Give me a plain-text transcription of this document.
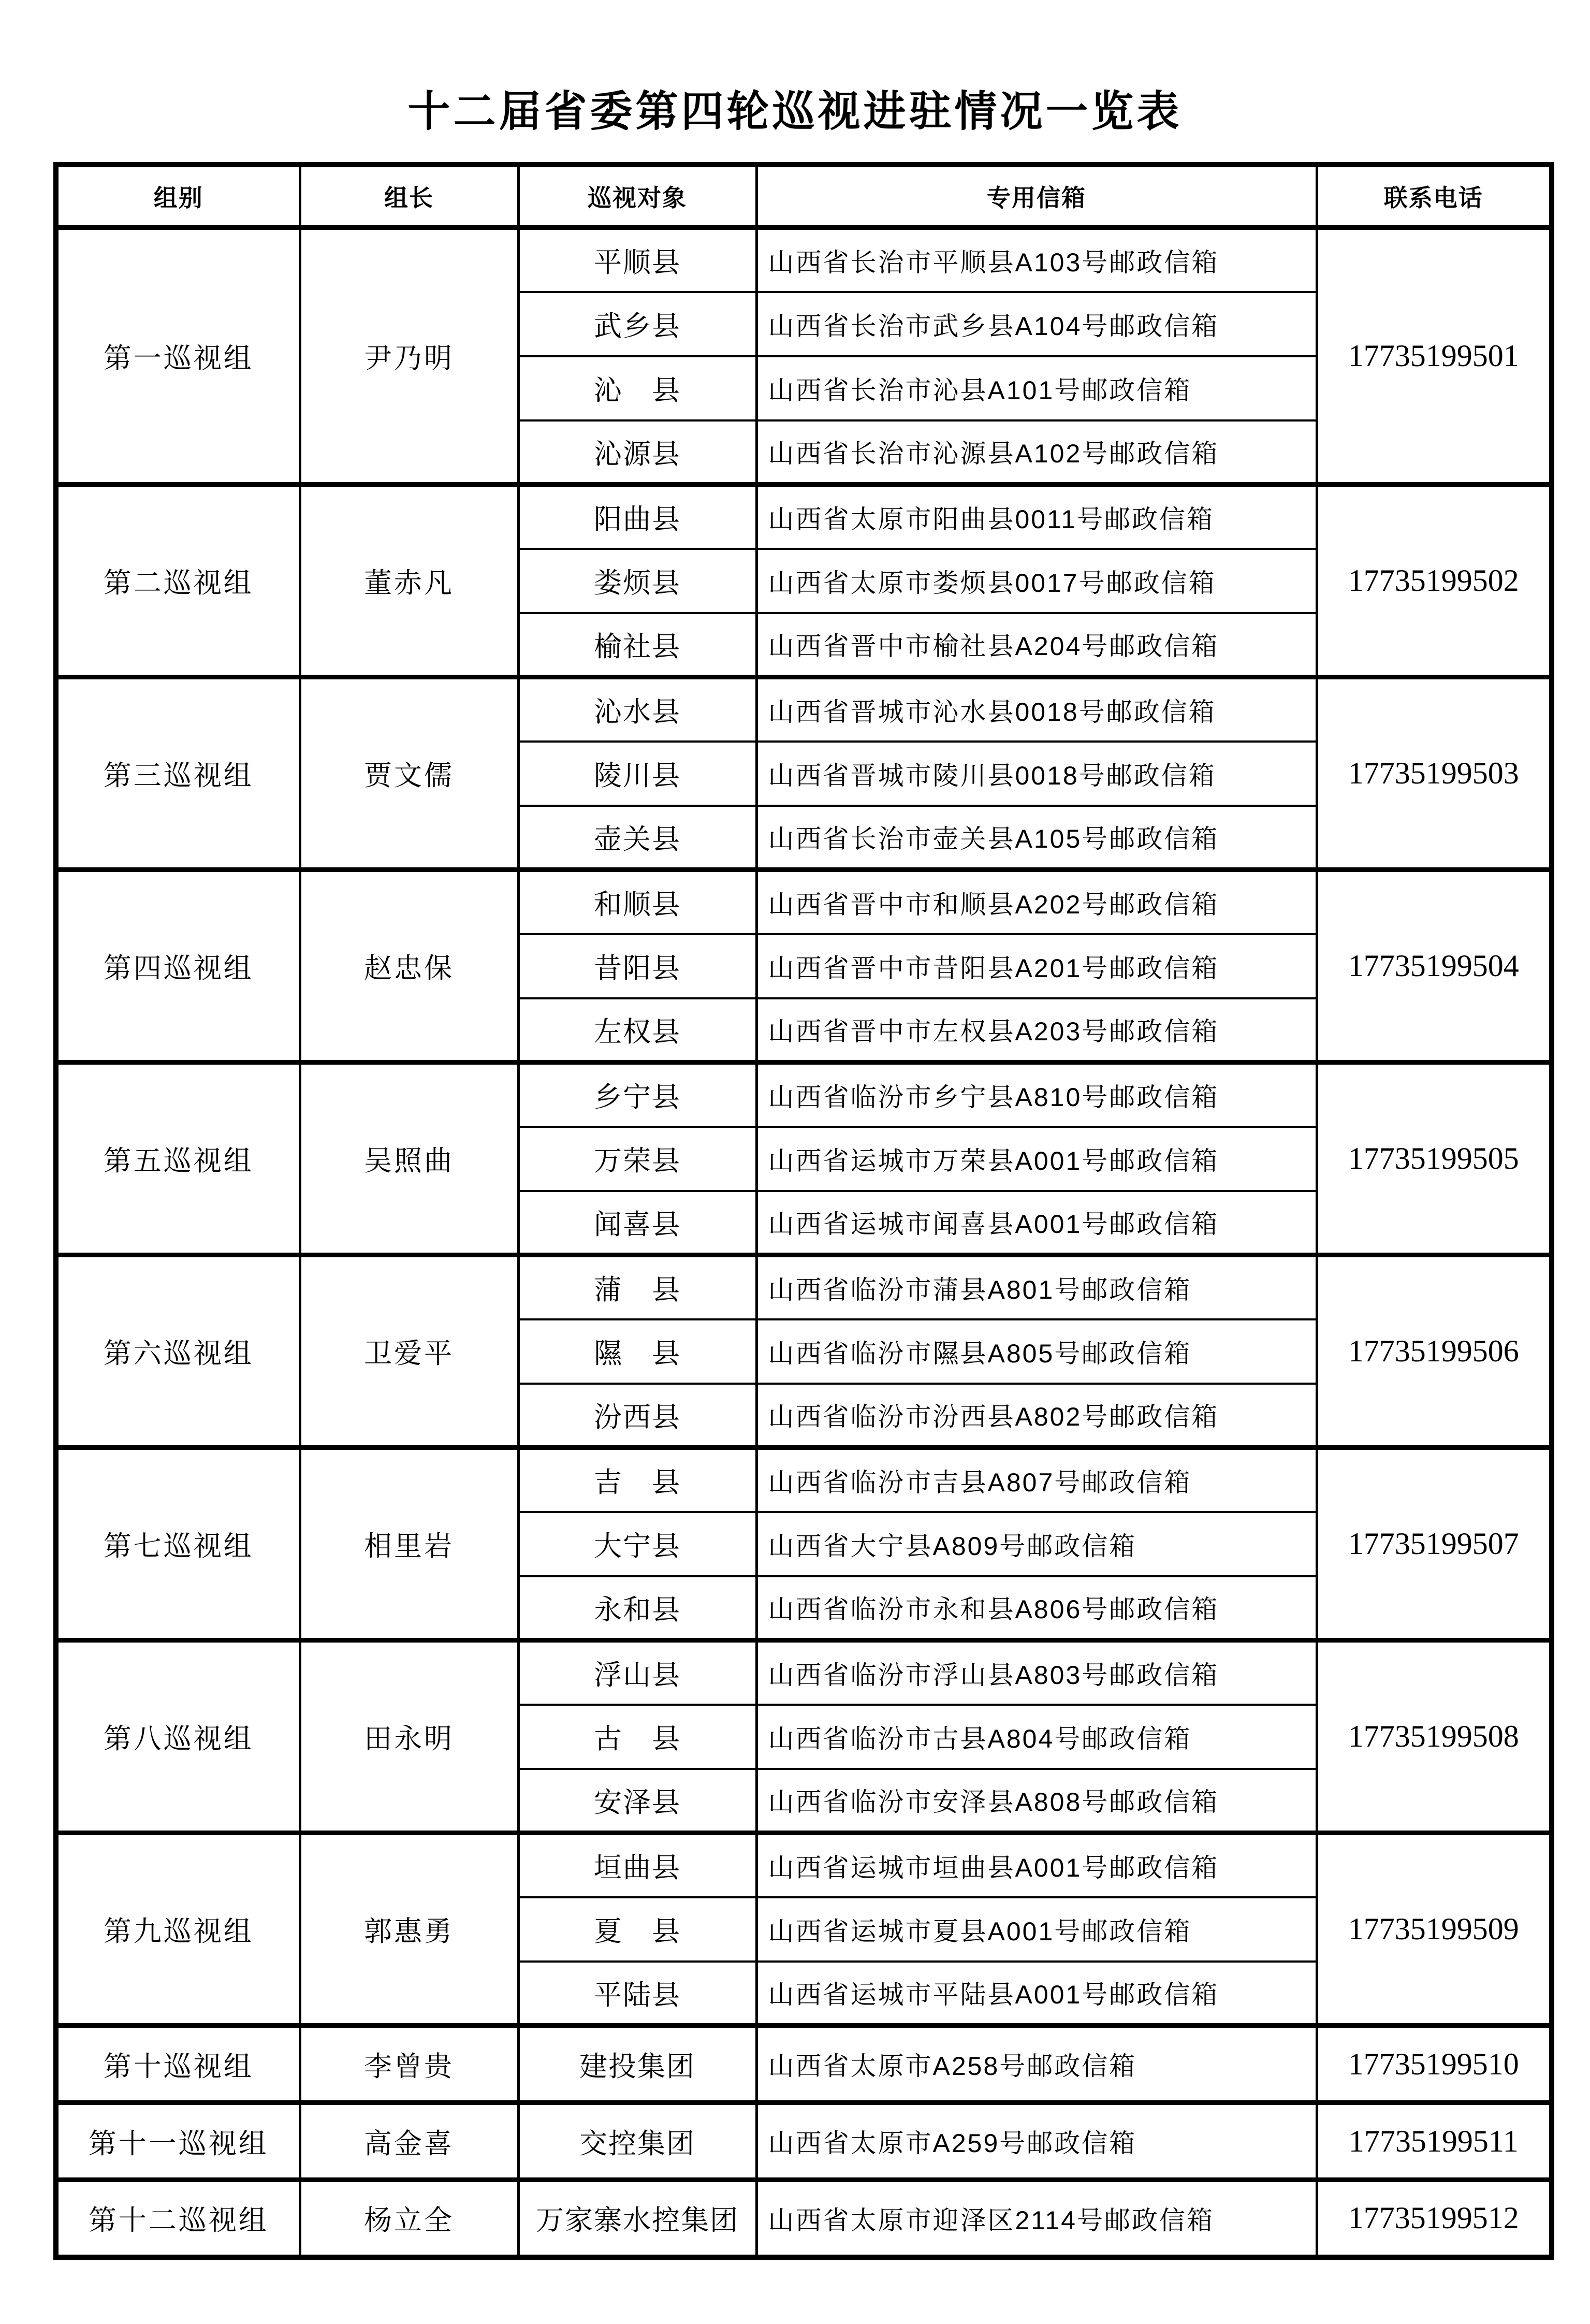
十二届省委第四轮巡视进驻情况一览表
组别	组长	巡视对象	专用信箱	联系电话
第一巡视组	尹乃明	平顺县	山西省长治市平顺县A103号邮政信箱	17735199501
		武乡县	山西省长治市武乡县A104号邮政信箱	
		沁　县	山西省长治市沁县A101号邮政信箱	
		沁源县	山西省长治市沁源县A102号邮政信箱	
第二巡视组	董赤凡	阳曲县	山西省太原市阳曲县0011号邮政信箱	17735199502
		娄烦县	山西省太原市娄烦县0017号邮政信箱	
		榆社县	山西省晋中市榆社县A204号邮政信箱	
第三巡视组	贾文儒	沁水县	山西省晋城市沁水县0018号邮政信箱	17735199503
		陵川县	山西省晋城市陵川县0018号邮政信箱	
		壶关县	山西省长治市壶关县A105号邮政信箱	
第四巡视组	赵忠保	和顺县	山西省晋中市和顺县A202号邮政信箱	17735199504
		昔阳县	山西省晋中市昔阳县A201号邮政信箱	
		左权县	山西省晋中市左权县A203号邮政信箱	
第五巡视组	吴照曲	乡宁县	山西省临汾市乡宁县A810号邮政信箱	17735199505
		万荣县	山西省运城市万荣县A001号邮政信箱	
		闻喜县	山西省运城市闻喜县A001号邮政信箱	
第六巡视组	卫爱平	蒲　县	山西省临汾市蒲县A801号邮政信箱	17735199506
		隰　县	山西省临汾市隰县A805号邮政信箱	
		汾西县	山西省临汾市汾西县A802号邮政信箱	
第七巡视组	相里岩	吉　县	山西省临汾市吉县A807号邮政信箱	17735199507
		大宁县	山西省大宁县A809号邮政信箱	
		永和县	山西省临汾市永和县A806号邮政信箱	
第八巡视组	田永明	浮山县	山西省临汾市浮山县A803号邮政信箱	17735199508
		古　县	山西省临汾市古县A804号邮政信箱	
		安泽县	山西省临汾市安泽县A808号邮政信箱	
第九巡视组	郭惠勇	垣曲县	山西省运城市垣曲县A001号邮政信箱	17735199509
		夏　县	山西省运城市夏县A001号邮政信箱	
		平陆县	山西省运城市平陆县A001号邮政信箱	
第十巡视组	李曾贵	建投集团	山西省太原市A258号邮政信箱	17735199510
第十一巡视组	高金喜	交控集团	山西省太原市A259号邮政信箱	17735199511
第十二巡视组	杨立全	万家寨水控集团	山西省太原市迎泽区2114号邮政信箱	17735199512
